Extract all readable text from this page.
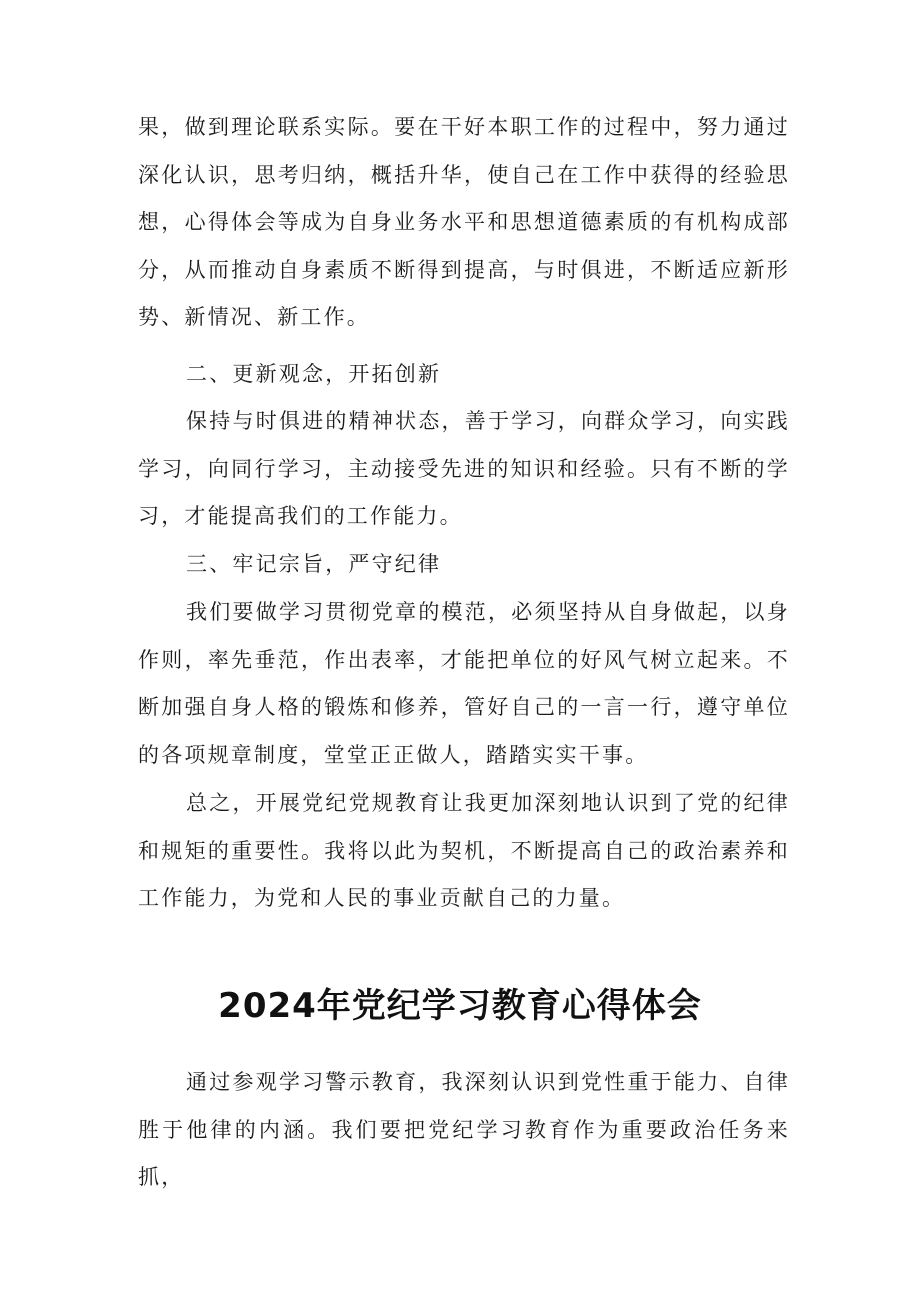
果，做到理论联系实际。要在干好本职工作的过程中，努力通过深化认识，思考归纳，概括升华，使自己在工作中获得的经验思想，心得体会等成为自身业务水平和思想道德素质的有机构成部分，从而推动自身素质不断得到提高，与时俱进，不断适应新形势、新情况、新工作。

二、更新观念，开拓创新

保持与时俱进的精神状态，善于学习，向群众学习，向实践学习，向同行学习，主动接受先进的知识和经验。只有不断的学习，才能提高我们的工作能力。

三、牢记宗旨，严守纪律

我们要做学习贯彻党章的模范，必须坚持从自身做起，以身作则，率先垂范，作出表率，才能把单位的好风气树立起来。不断加强自身人格的锻炼和修养，管好自己的一言一行，遵守单位的各项规章制度，堂堂正正做人，踏踏实实干事。

总之，开展党纪党规教育让我更加深刻地认识到了党的纪律和规矩的重要性。我将以此为契机，不断提高自己的政治素养和工作能力，为党和人民的事业贡献自己的力量。

2024年党纪学习教育心得体会

通过参观学习警示教育，我深刻认识到党性重于能力、自律胜于他律的内涵。我们要把党纪学习教育作为重要政治任务来抓，
